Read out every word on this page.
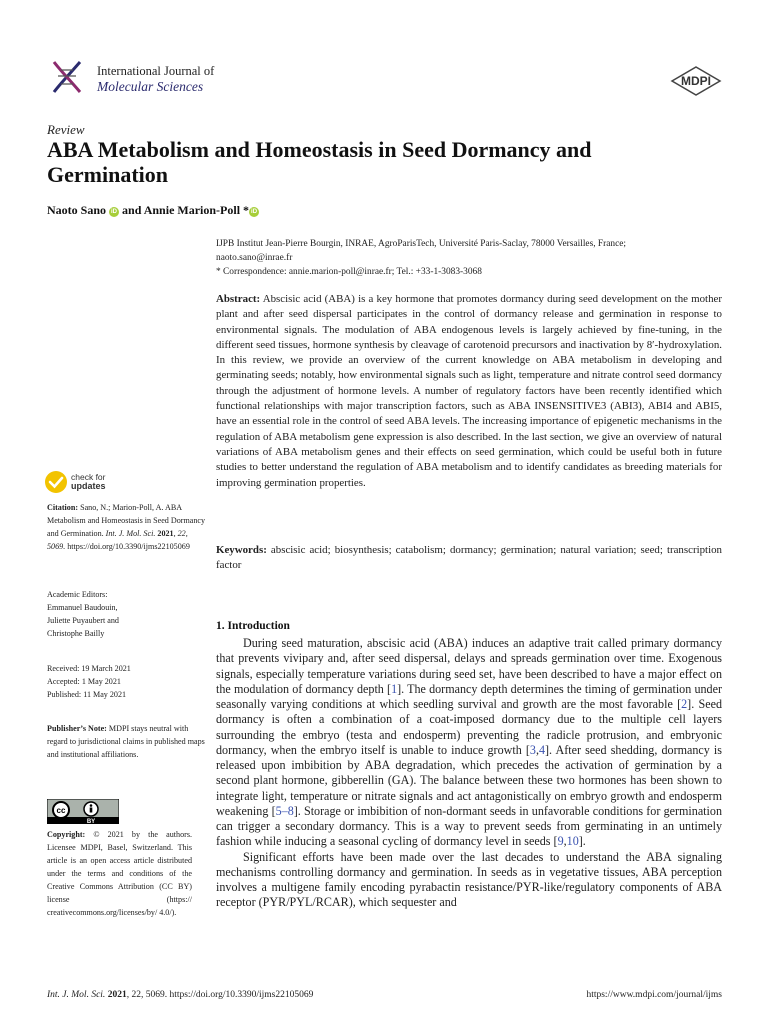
International Journal of
Molecular Sciences	MDPI
Review
ABA Metabolism and Homeostasis in Seed Dormancy and Germination
Naoto Sano iD and Annie Marion-Poll * iD
IJPB Institut Jean-Pierre Bourgin, INRAE, AgroParisTech, Université Paris-Saclay, 78000 Versailles, France;
naoto.sano@inrae.fr
* Correspondence: annie.marion-poll@inrae.fr; Tel.: +33-1-3083-3068
Abstract: Abscisic acid (ABA) is a key hormone that promotes dormancy during seed development on the mother plant and after seed dispersal participates in the control of dormancy release and germination in response to environmental signals. The modulation of ABA endogenous levels is largely achieved by fine-tuning, in the different seed tissues, hormone synthesis by cleavage of carotenoid precursors and inactivation by 8′-hydroxylation. In this review, we provide an overview of the current knowledge on ABA metabolism in developing and germinating seeds; notably, how environmental signals such as light, temperature and nitrate control seed dormancy through the adjustment of hormone levels. A number of regulatory factors have been recently identified which functional relationships with major transcription factors, such as ABA INSENSITIVE3 (ABI3), ABI4 and ABI5, have an essential role in the control of seed ABA levels. The increasing importance of epigenetic mechanisms in the regulation of ABA metabolism gene expression is also described. In the last section, we give an overview of natural variations of ABA metabolism genes and their effects on seed germination, which could be useful both in future studies to better understand the regulation of ABA metabolism and to identify candidates as breeding materials for improving germination properties.
Keywords: abscisic acid; biosynthesis; catabolism; dormancy; germination; natural variation; seed; transcription factor
check for
updates
Citation: Sano, N.; Marion-Poll, A. ABA Metabolism and Homeostasis in Seed Dormancy and Germination. Int. J. Mol. Sci. 2021, 22, 5069. https://doi.org/10.3390/ijms22105069
Academic Editors:
Emmanuel Baudouin,
Juliette Puyaubert and
Christophe Bailly
Received: 19 March 2021
Accepted: 1 May 2021
Published: 11 May 2021
Publisher’s Note: MDPI stays neutral with regard to jurisdictional claims in published maps and institutional affiliations.
cc
BY
Copyright: © 2021 by the authors. Licensee MDPI, Basel, Switzerland. This article is an open access article distributed under the terms and conditions of the Creative Commons Attribution (CC BY) license (https:// creativecommons.org/licenses/by/ 4.0/).
1. Introduction

During seed maturation, abscisic acid (ABA) induces an adaptive trait called primary dormancy that prevents vivipary and, after seed dispersal, delays and spreads germination over time. Exogenous signals, especially temperature variations during seed set, have been described to have a major effect on the modulation of dormancy depth [1]. The dormancy depth determines the timing of germination under seasonally varying conditions at which seedling survival and growth are the most favorable [2]. Seed dormancy is often a combination of a coat-imposed dormancy due to the multiple cell layers surrounding the embryo (testa and endosperm) preventing the radicle protrusion, and embryonic dormancy, when the embryo itself is unable to induce growth [3,4]. After seed shedding, dormancy is released upon imbibition by ABA degradation, which precedes the activation of germination by a second plant hormone, gibberellin (GA). The balance between these two hormones has been shown to integrate light, temperature or nitrate signals and act antagonistically on embryo growth and endosperm weakening [5–8]. Storage or imbibition of non-dormant seeds in unfavorable conditions for germination can trigger a secondary dormancy. This is a way to prevent seeds from germinating in an untimely fashion while inducing a seasonal cycling of dormancy level in seeds [9,10].

Significant efforts have been made over the last decades to understand the ABA signaling mechanisms controlling dormancy and germination. In seeds as in vegetative tissues, ABA perception involves a multigene family encoding pyrabactin resistance/PYR-like/regulatory components of ABA receptor (PYR/PYL/RCAR), which sequester and

Int. J. Mol. Sci. 2021, 22, 5069. https://doi.org/10.3390/ijms22105069	https://www.mdpi.com/journal/ijms
